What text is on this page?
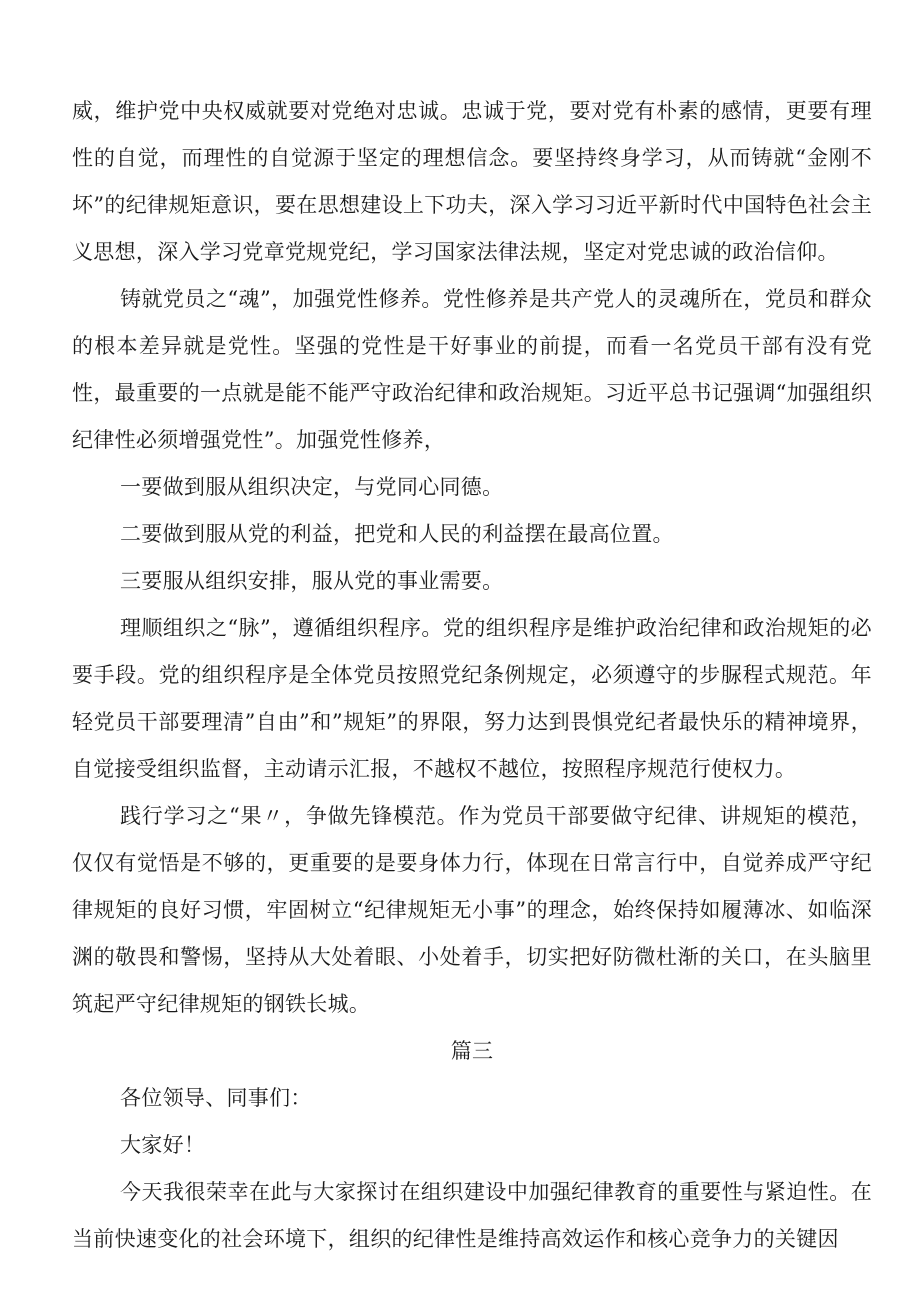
威，维护党中央权威就要对党绝对忠诚。忠诚于党，要对党有朴素的感情，更要有理性的自觉，而理性的自觉源于坚定的理想信念。要坚持终身学习，从而铸就“金刚不坏”的纪律规矩意识，要在思想建设上下功夫，深入学习习近平新时代中国特色社会主义思想，深入学习党章党规党纪，学习国家法律法规，坚定对党忠诚的政治信仰。

铸就党员之“魂”，加强党性修养。党性修养是共产党人的灵魂所在，党员和群众的根本差异就是党性。坚强的党性是干好事业的前提，而看一名党员干部有没有党性，最重要的一点就是能不能严守政治纪律和政治规矩。习近平总书记强调“加强组织纪律性必须增强党性”。加强党性修养，

一要做到服从组织决定，与党同心同德。

二要做到服从党的利益，把党和人民的利益摆在最高位置。

三要服从组织安排，服从党的事业需要。

理顺组织之“脉”，遵循组织程序。党的组织程序是维护政治纪律和政治规矩的必要手段。党的组织程序是全体党员按照党纪条例规定，必须遵守的步脲程式规范。年轻党员干部要理清”自由”和”规矩”的界限，努力达到畏惧党纪者最快乐的精神境界，自觉接受组织监督，主动请示汇报，不越权不越位，按照程序规范行使权力。

践行学习之“果〃，争做先锋模范。作为党员干部要做守纪律、讲规矩的模范，仅仅有觉悟是不够的，更重要的是要身体力行，体现在日常言行中，自觉养成严守纪律规矩的良好习惯，牢固树立“纪律规矩无小事”的理念，始终保持如履薄冰、如临深渊的敬畏和警惕，坚持从大处着眼、小处着手，切实把好防微杜渐的关口，在头脑里筑起严守纪律规矩的钢铁长城。

篇三

各位领导、同事们：

大家好！

今天我很荣幸在此与大家探讨在组织建设中加强纪律教育的重要性与紧迫性。在当前快速变化的社会环境下，组织的纪律性是维持高效运作和核心竞争力的关键因
